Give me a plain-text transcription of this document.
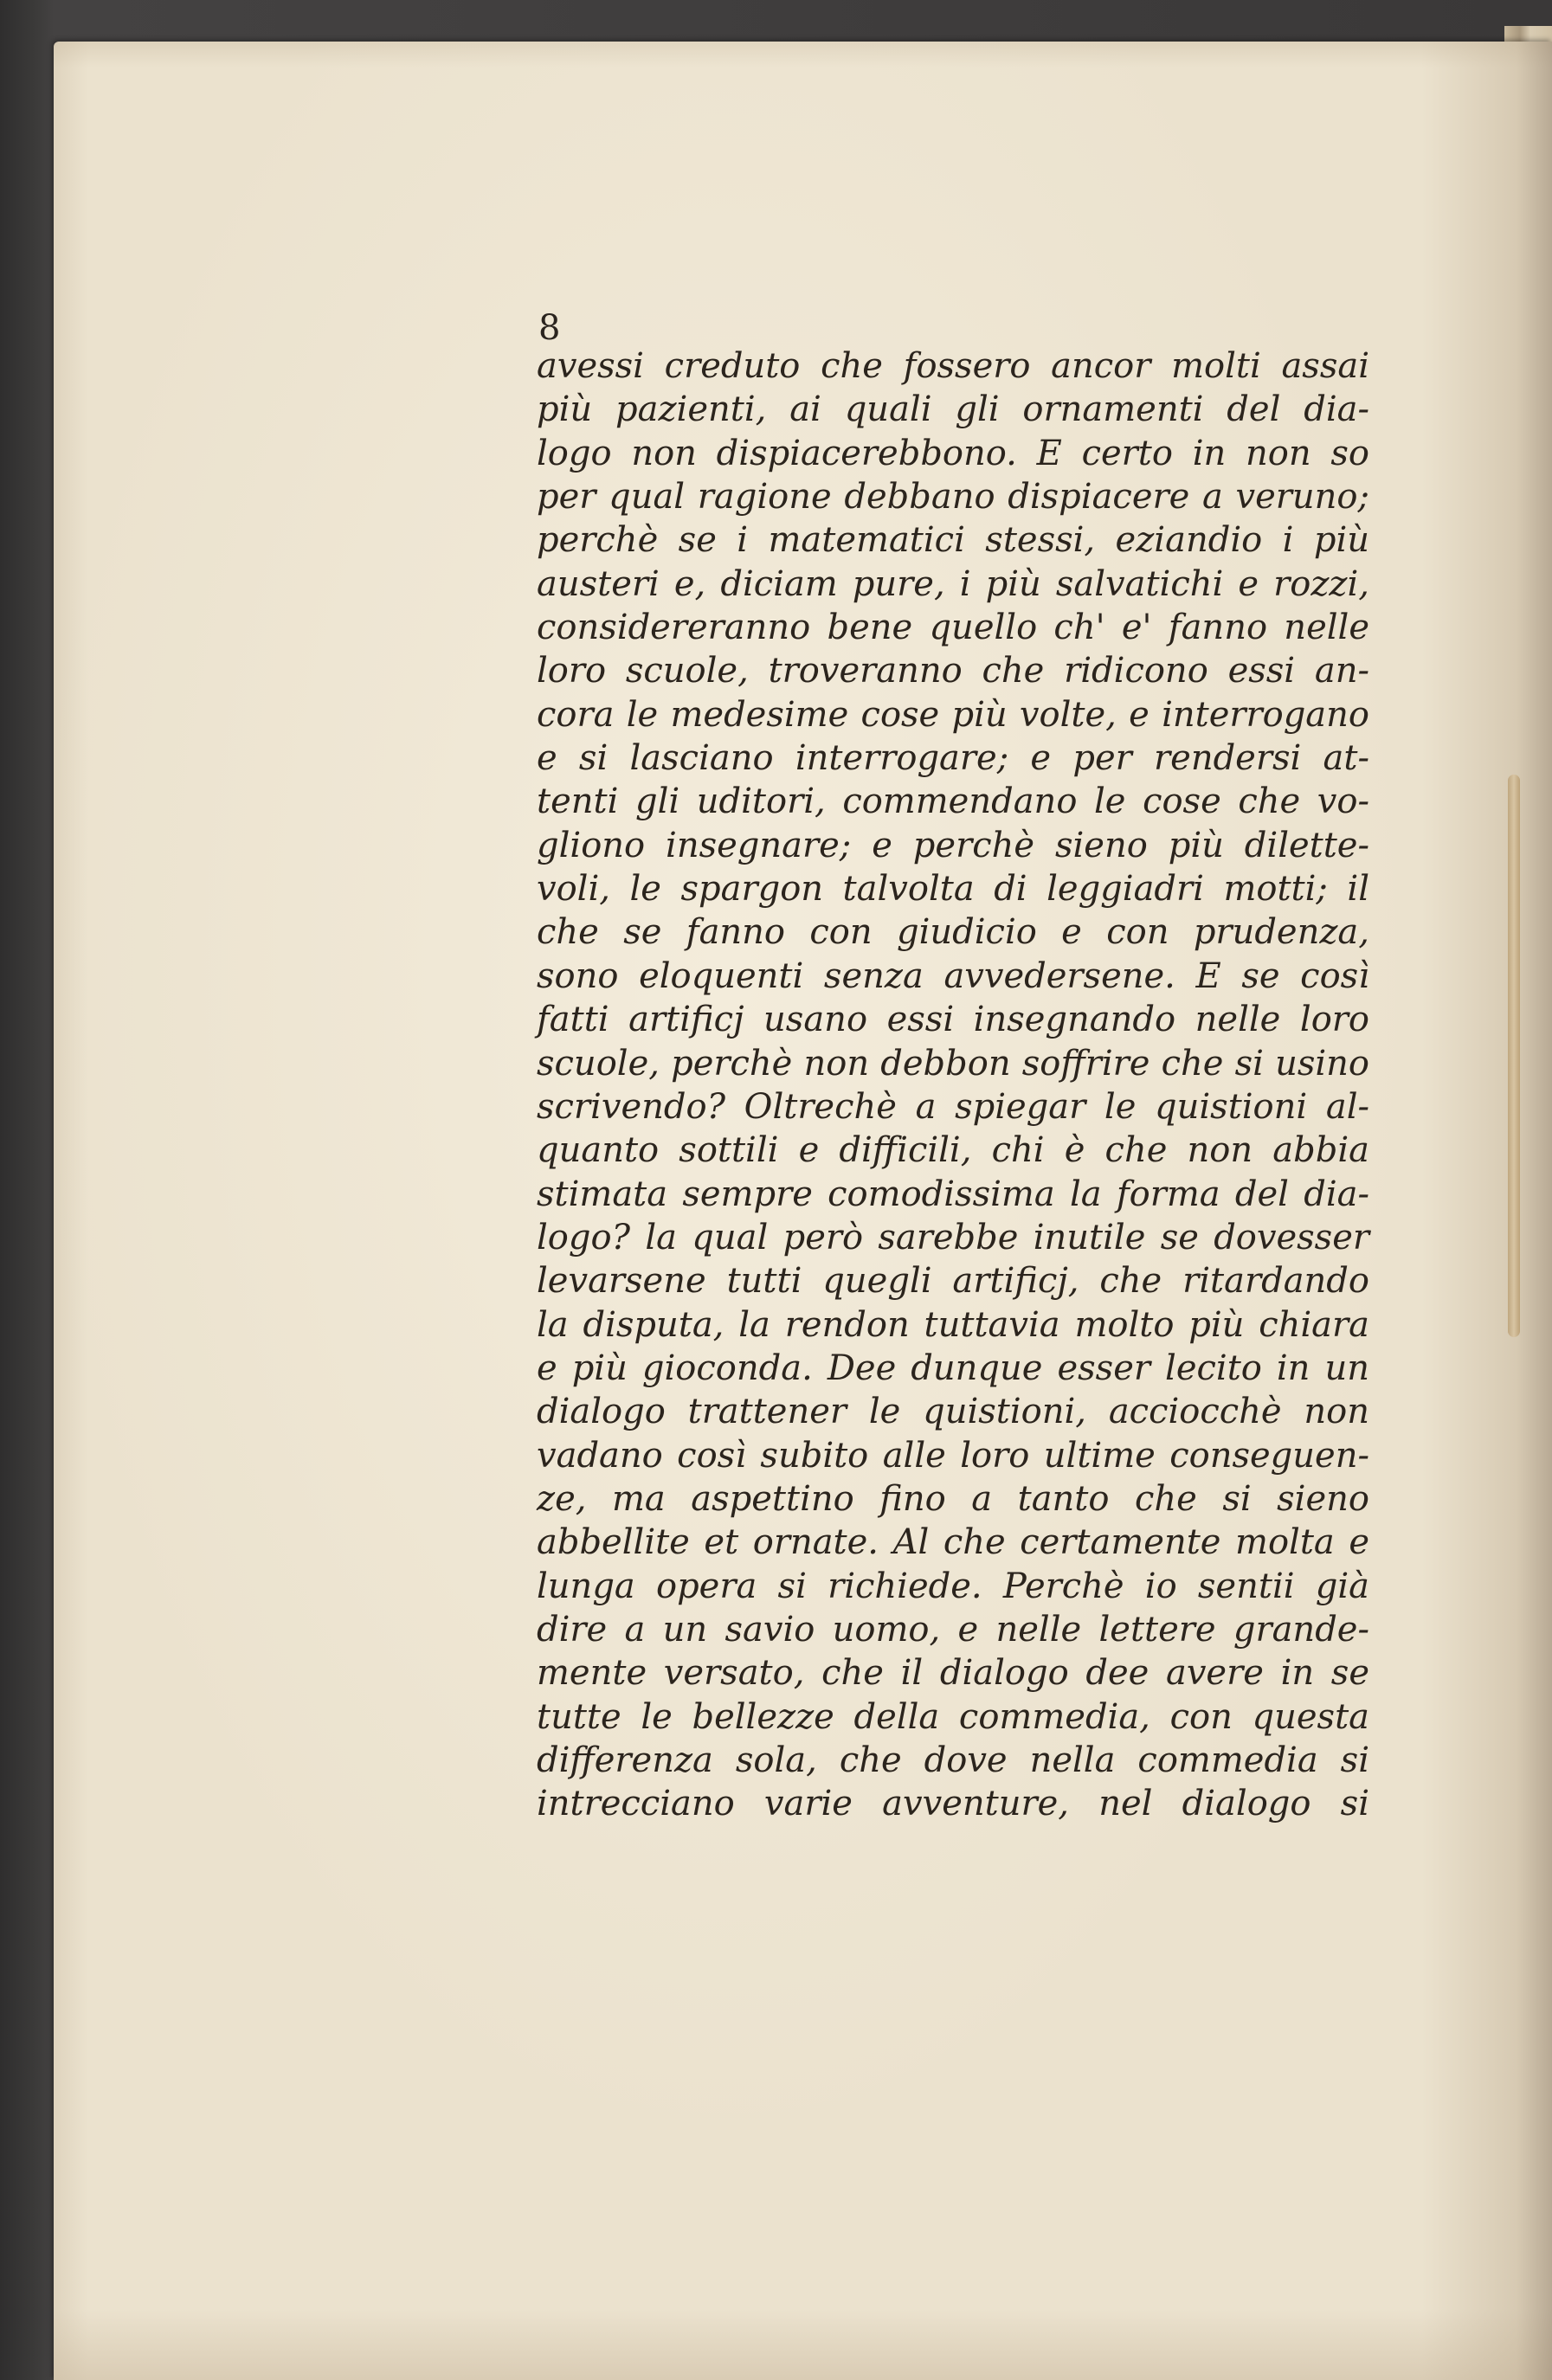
8
avessi creduto che fossero ancor molti assai
più pazienti, ai quali gli ornamenti del dia-
logo non dispiacerebbono. E certo in non so
per qual ragione debbano dispiacere a veruno;
perchè se i matematici stessi, eziandio i più
austeri e, diciam pure, i più salvatichi e rozzi,
considereranno bene quello ch' e' fanno nelle
loro scuole, troveranno che ridicono essi an-
cora le medesime cose più volte, e interrogano
e si lasciano interrogare; e per rendersi at-
tenti gli uditori, commendano le cose che vo-
gliono insegnare; e perchè sieno più dilette-
voli, le spargon talvolta di leggiadri motti; il
che se fanno con giudicio e con prudenza,
sono eloquenti senza avvedersene. E se così
fatti artificj usano essi insegnando nelle loro
scuole, perchè non debbon soffrire che si usino
scrivendo? Oltrechè a spiegar le quistioni al-
quanto sottili e difficili, chi è che non abbia
stimata sempre comodissima la forma del dia-
logo? la qual però sarebbe inutile se dovesser
levarsene tutti quegli artificj, che ritardando
la disputa, la rendon tuttavia molto più chiara
e più gioconda. Dee dunque esser lecito in un
dialogo trattener le quistioni, acciocchè non
vadano così subito alle loro ultime conseguen-
ze, ma aspettino fino a tanto che si sieno
abbellite et ornate. Al che certamente molta e
lunga opera si richiede. Perchè io sentii già
dire a un savio uomo, e nelle lettere grande-
mente versato, che il dialogo dee avere in se
tutte le bellezze della commedia, con questa
differenza sola, che dove nella commedia si
intrecciano varie avventure, nel dialogo si
